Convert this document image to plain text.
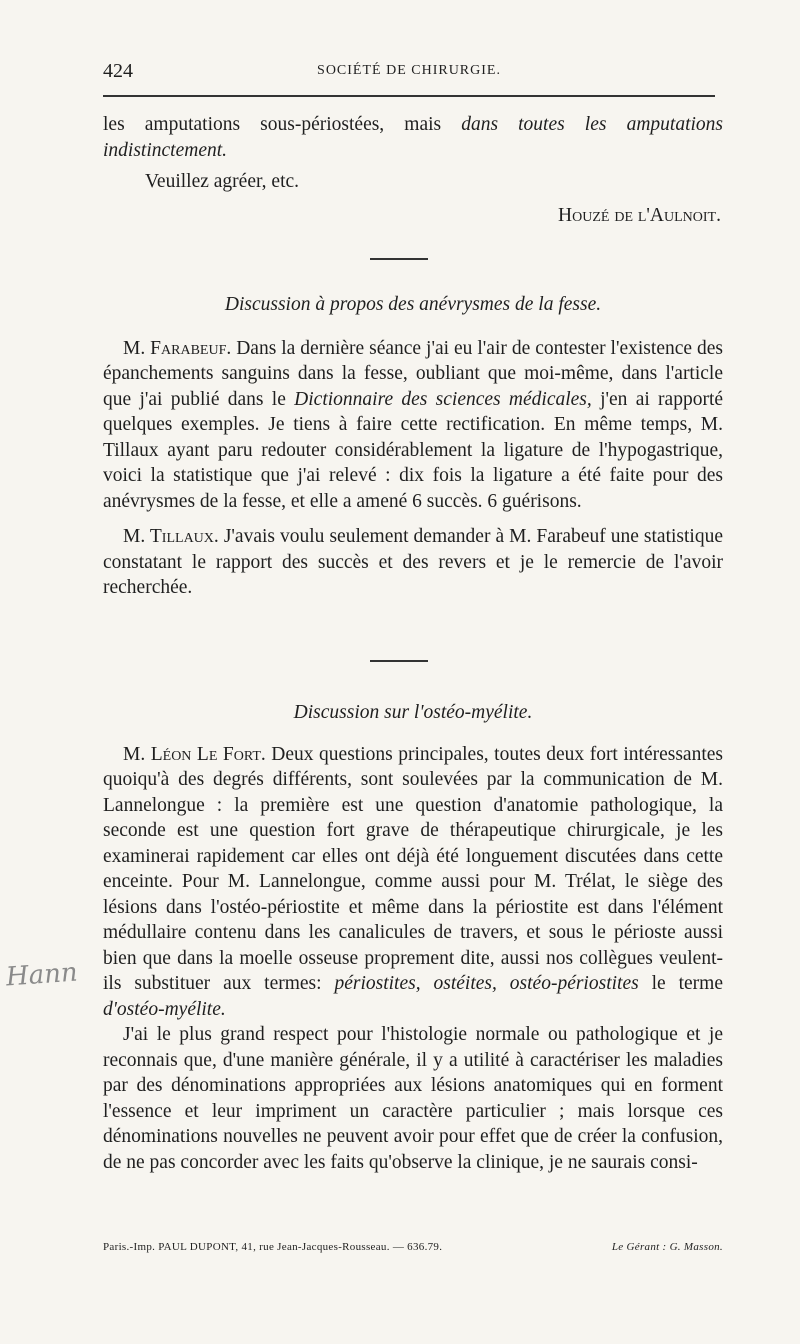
424	SOCIÉTÉ DE CHIRURGIE.

les amputations sous-périostées, mais dans toutes les amputations indistinctement.

Veuillez agréer, etc.

Houzé de l'Aulnoit.

Discussion à propos des anévrysmes de la fesse.

M. Farabeuf. Dans la dernière séance j'ai eu l'air de contester l'existence des épanchements sanguins dans la fesse, oubliant que moi-même, dans l'article que j'ai publié dans le Dictionnaire des sciences médicales, j'en ai rapporté quelques exemples. Je tiens à faire cette rectification. En même temps, M. Tillaux ayant paru redouter considérablement la ligature de l'hypogastrique, voici la statistique que j'ai relevé : dix fois la ligature a été faite pour des anévrysmes de la fesse, et elle a amené 6 succès. 6 guérisons.

M. Tillaux. J'avais voulu seulement demander à M. Farabeuf une statistique constatant le rapport des succès et des revers et je le remercie de l'avoir recherchée.

Discussion sur l'ostéo-myélite.

M. Léon Le Fort. Deux questions principales, toutes deux fort intéressantes quoiqu'à des degrés différents, sont soulevées par la communication de M. Lannelongue : la première est une question d'anatomie pathologique, la seconde est une question fort grave de thérapeutique chirurgicale, je les examinerai rapidement car elles ont déjà été longuement discutées dans cette enceinte. Pour M. Lannelongue, comme aussi pour M. Trélat, le siège des lésions dans l'ostéo-périostite et même dans la périostite est dans l'élément médullaire contenu dans les canalicules de travers, et sous le périoste aussi bien que dans la moelle osseuse proprement dite, aussi nos collègues veulent-ils substituer aux termes: périostites, ostéites, ostéo-périostites le terme d'ostéo-myélite.

J'ai le plus grand respect pour l'histologie normale ou pathologique et je reconnais que, d'une manière générale, il y a utilité à caractériser les maladies par des dénominations appropriées aux lésions anatomiques qui en forment l'essence et leur impriment un caractère particulier ; mais lorsque ces dénominations nouvelles ne peuvent avoir pour effet que de créer la confusion, de ne pas concorder avec les faits qu'observe la clinique, je ne saurais consi-

Paris.-Imp. PAUL DUPONT, 41, rue Jean-Jacques-Rousseau. — 636.79.	Le Gérant : G. Masson.
Hann
